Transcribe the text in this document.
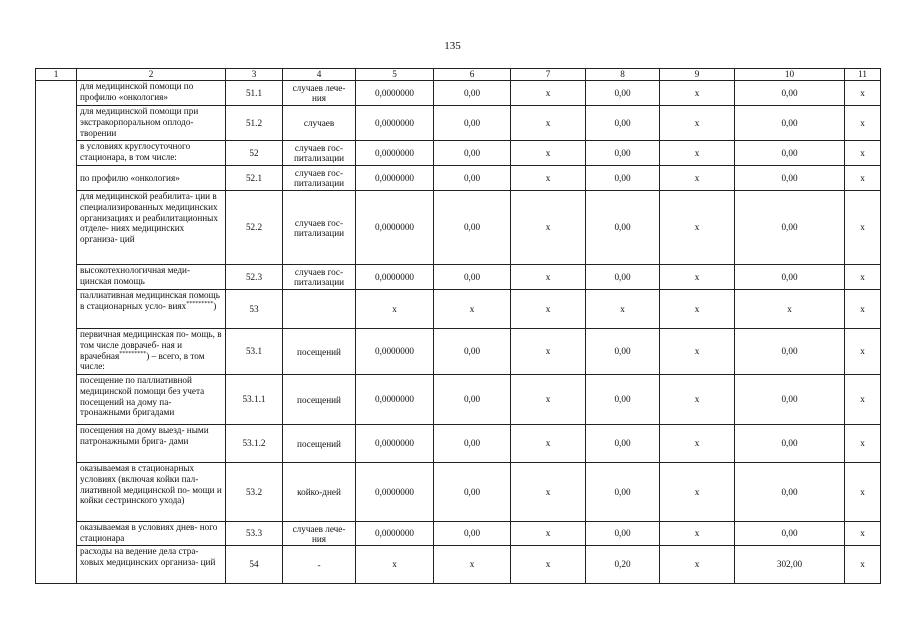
135
1	2	3	4	5	6	7	8	9	10	11
	для медицинской помощи по профилю «онкология»	51.1	случаев лече- ния	0,0000000	0,00	х	0,00	х	0,00	х
	для медицинской помощи при экстракорпоральном оплодо- творении	51.2	случаев	0,0000000	0,00	х	0,00	х	0,00	х
	в условиях круглосуточного стационара, в том числе:	52	случаев гос- питализации	0,0000000	0,00	х	0,00	х	0,00	х
	по профилю «онкология»	52.1	случаев гос- питализации	0,0000000	0,00	х	0,00	х	0,00	х
	для медицинской реабилита- ции в специализированных медицинских организациях и реабилитационных отделе- ниях медицинских организа- ций	52.2	случаев гос- питализации	0,0000000	0,00	х	0,00	х	0,00	х
	высокотехнологичная меди- цинская помощь	52.3	случаев гос- питализации	0,0000000	0,00	х	0,00	х	0,00	х
	паллиативная медицинская помощь в стационарных усло- виях*********)	53		х	х	х	х	х	х	х
	первичная медицинская по- мощь, в том числе доврачеб- ная и врачебная*********) – всего, в том числе:	53.1	посещений	0,0000000	0,00	х	0,00	х	0,00	х
	посещение по паллиативной медицинской помощи без учета посещений на дому па- тронажными бригадами	53.1.1	посещений	0,0000000	0,00	х	0,00	х	0,00	х
	посещения на дому выезд- ными патронажными брига- дами	53.1.2	посещений	0,0000000	0,00	х	0,00	х	0,00	х
	оказываемая в стационарных условиях (включая койки пал- лиативной медицинской по- мощи и койки сестринского ухода)	53.2	койко-дней	0,0000000	0,00	х	0,00	х	0,00	х
	оказываемая в условиях днев- ного стационара	53.3	случаев лече- ния	0,0000000	0,00	х	0,00	х	0,00	х
	расходы на ведение дела стра- ховых медицинских организа- ций	54	-	х	х	х	0,20	х	302,00	х
